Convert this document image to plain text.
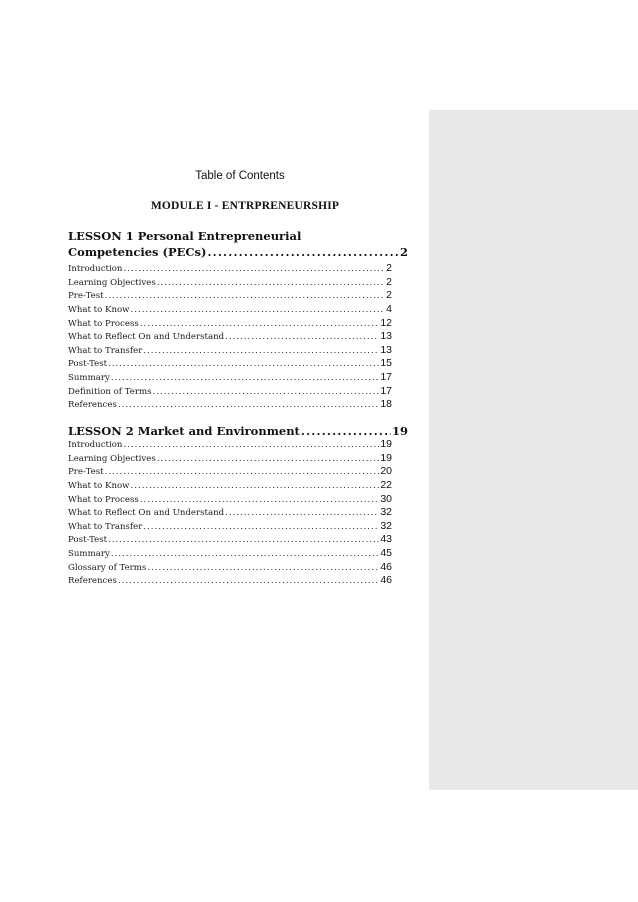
Table of Contents
MODULE I - ENTRPRENEURSHIP
LESSON 1 Personal Entrepreneurial
Competencies (PECs) .....	2
Introduction .....	2
Learning Objectives .....	2
Pre-Test .....	2
What to Know .....	4
What to Process .....	12
What to Reflect On and Understand .....	13
What to Transfer .....	13
Post-Test .....	15
Summary .....	17
Definition of Terms .....	17
References .....	18
LESSON 2 Market and Environment .....	19
Introduction .....	19
Learning Objectives .....	19
Pre-Test .....	20
What to Know .....	22
What to Process .....	30
What to Reflect On and Understand .....	32
What to Transfer .....	32
Post-Test .....	43
Summary .....	45
Glossary of Terms .....	46
References .....	46
